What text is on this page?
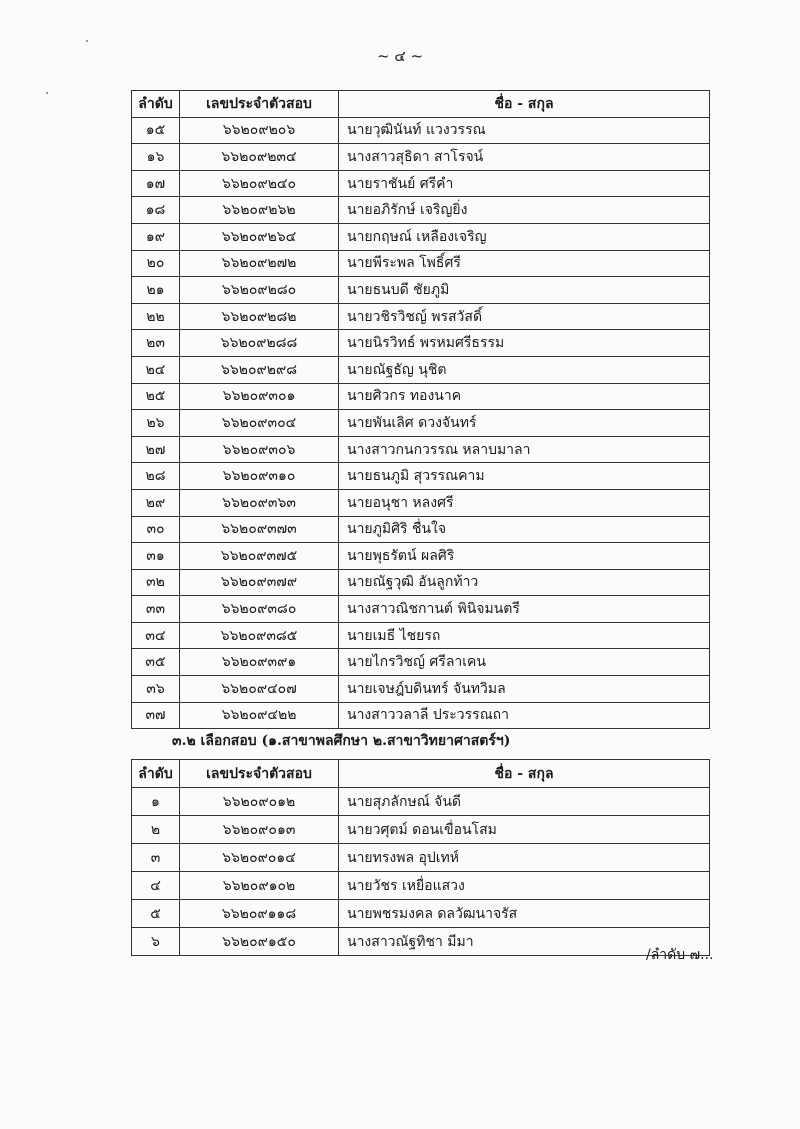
~ ๔ ~
ลำดับ	เลขประจำตัวสอบ	ชื่อ - สกุล
๑๕	๖๖๒๐๙๒๐๖	นายวุฒินันท์ แวงวรรณ
๑๖	๖๖๒๐๙๒๓๔	นางสาวสุธิดา สาโรจน์
๑๗	๖๖๒๐๙๒๔๐	นายราชันย์ ศรีคำ
๑๘	๖๖๒๐๙๒๖๒	นายอภิรักษ์ เจริญยิ่ง
๑๙	๖๖๒๐๙๒๖๔	นายกฤษณ์ เหลืองเจริญ
๒๐	๖๖๒๐๙๒๗๒	นายพีระพล โพธิ์ศรี
๒๑	๖๖๒๐๙๒๘๐	นายธนบดี ชัยภูมิ
๒๒	๖๖๒๐๙๒๘๒	นายวชิรวิชญ์ พรสวัสดิ์
๒๓	๖๖๒๐๙๒๘๘	นายนิรวิทธ์ พรหมศรีธรรม
๒๔	๖๖๒๐๙๒๙๘	นายณัฐธัญ นุชิต
๒๕	๖๖๒๐๙๓๐๑	นายศิวกร ทองนาค
๒๖	๖๖๒๐๙๓๐๔	นายพันเลิศ ดวงจันทร์
๒๗	๖๖๒๐๙๓๐๖	นางสาวกนกวรรณ หลาบมาลา
๒๘	๖๖๒๐๙๓๑๐	นายธนภูมิ สุวรรณคาม
๒๙	๖๖๒๐๙๓๖๓	นายอนุชา หลงศรี
๓๐	๖๖๒๐๙๓๗๓	นายภูมิศิริ ชื่นใจ
๓๑	๖๖๒๐๙๓๗๕	นายพุธรัตน์ ผลศิริ
๓๒	๖๖๒๐๙๓๗๙	นายณัฐวุฒิ อันลูกท้าว
๓๓	๖๖๒๐๙๓๘๐	นางสาวณิชกานต์ พินิจมนตรี
๓๔	๖๖๒๐๙๓๘๕	นายเมธี ไชยรถ
๓๕	๖๖๒๐๙๓๙๑	นายไกรวิชญ์ ศรีลาเคน
๓๖	๖๖๒๐๙๔๐๗	นายเจษฎ์บดินทร์ จันทวิมล
๓๗	๖๖๒๐๙๔๒๒	นางสาววลาลี ประวรรณถา
๓.๒ เลือกสอบ (๑.สาขาพลศึกษา ๒.สาขาวิทยาศาสตร์ฯ)
ลำดับ	เลขประจำตัวสอบ	ชื่อ - สกุล
๑	๖๖๒๐๙๐๑๒	นายสุภลักษณ์ จันดี
๒	๖๖๒๐๙๐๑๓	นายวศุตม์ ดอนเขื่อนโสม
๓	๖๖๒๐๙๐๑๔	นายทรงพล อุปเทห์
๔	๖๖๒๐๙๑๐๒	นายวัชร เหยื่อแสวง
๕	๖๖๒๐๙๑๑๘	นายพชรมงคล ดลวัฒนาจรัส
๖	๖๖๒๐๙๑๕๐	นางสาวณัฐทิชา มีมา
/ลำดับ ๗...
